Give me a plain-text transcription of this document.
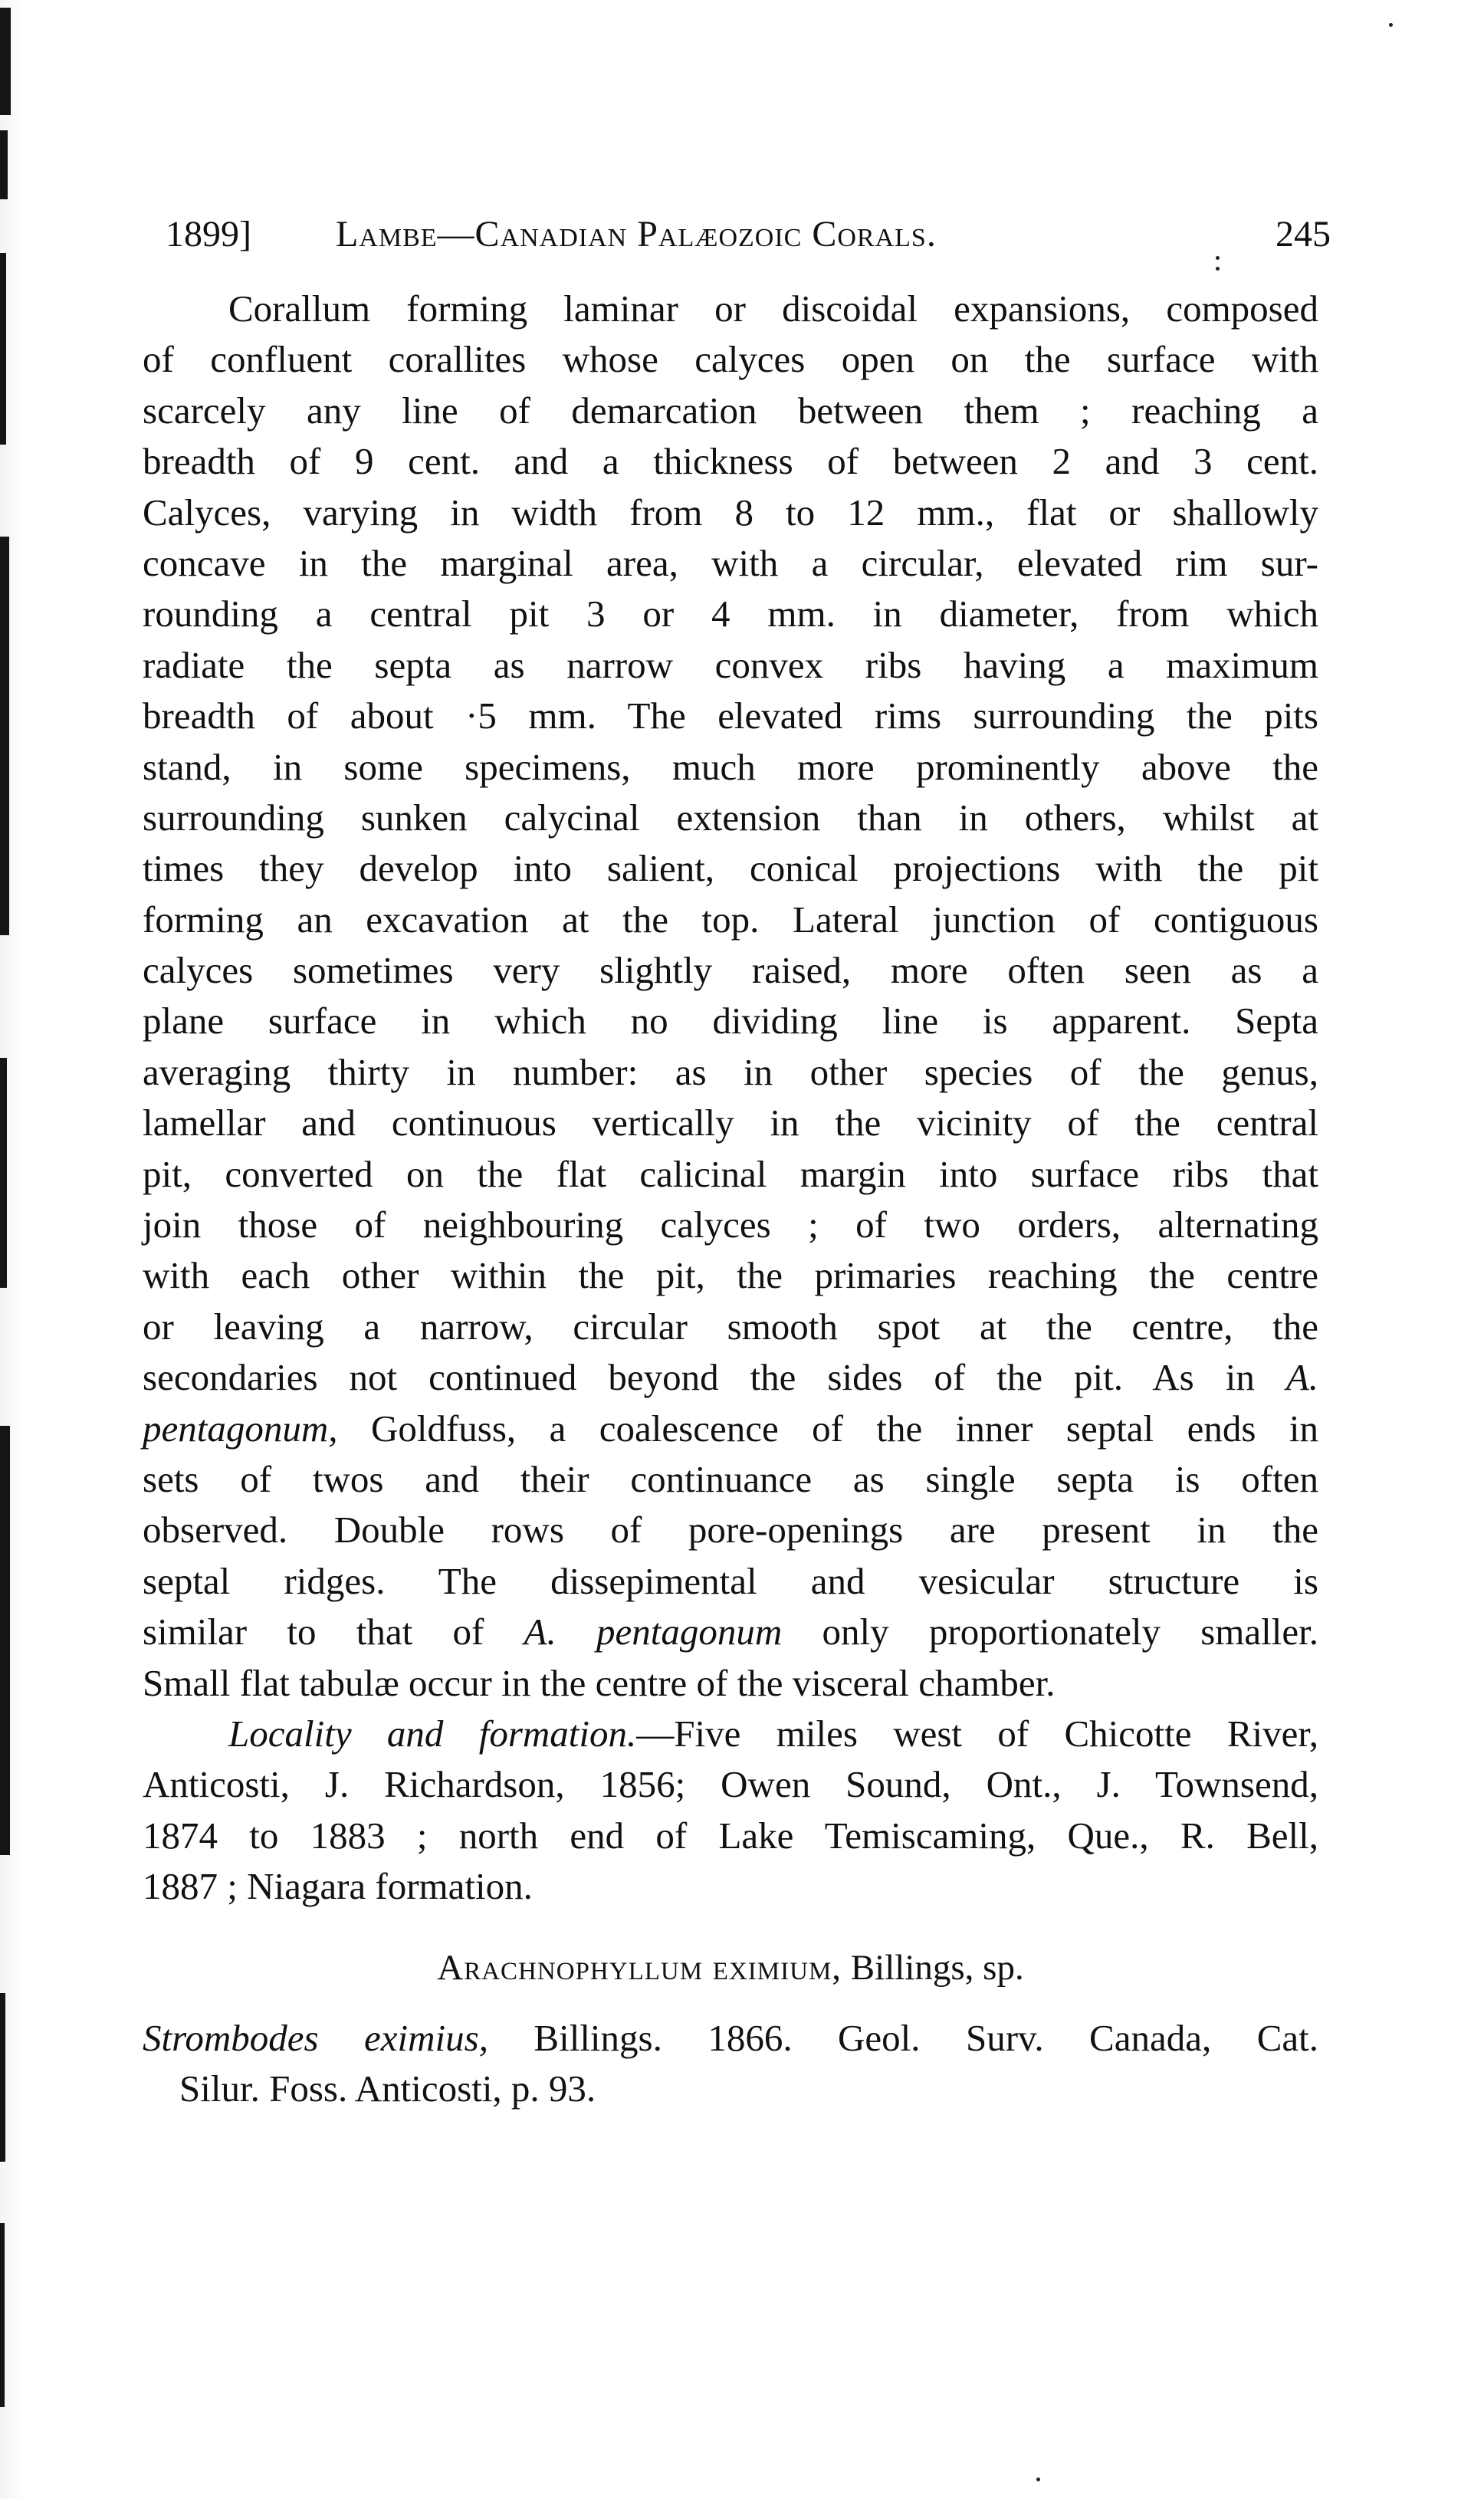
1899] Lambe—Canadian Palæozoic Corals.	245
Corallum forming laminar or discoidal expansions, composed
of confluent corallites whose calyces open on the surface with
scarcely any line of demarcation between them ; reaching a
breadth of 9 cent. and a thickness of between 2 and 3 cent.
Calyces, varying in width from 8 to 12 mm., flat or shallowly
concave in the marginal area, with a circular, elevated rim sur-
rounding a central pit 3 or 4 mm. in diameter, from which
radiate the septa as narrow convex ribs having a maximum
breadth of about ·5 mm. The elevated rims surrounding the pits
stand, in some specimens, much more prominently above the
surrounding sunken calycinal extension than in others, whilst at
times they develop into salient, conical projections with the pit
forming an excavation at the top. Lateral junction of contiguous
calyces sometimes very slightly raised, more often seen as a
plane surface in which no dividing line is apparent. Septa
averaging thirty in number: as in other species of the genus,
lamellar and continuous vertically in the vicinity of the central
pit, converted on the flat calicinal margin into surface ribs that
join those of neighbouring calyces ; of two orders, alternating
with each other within the pit, the primaries reaching the centre
or leaving a narrow, circular smooth spot at the centre, the
secondaries not continued beyond the sides of the pit. As in A.
pentagonum, Goldfuss, a coalescence of the inner septal ends in
sets of twos and their continuance as single septa is often
observed. Double rows of pore-openings are present in the
septal ridges. The dissepimental and vesicular structure is
similar to that of A. pentagonum only proportionately smaller.
Small flat tabulæ occur in the centre of the visceral chamber.
Locality and formation.—Five miles west of Chicotte River,
Anticosti, J. Richardson, 1856; Owen Sound, Ont., J. Townsend,
1874 to 1883 ; north end of Lake Temiscaming, Que., R. Bell,
1887 ; Niagara formation.
Arachnophyllum eximium, Billings, sp.
Strombodes eximius, Billings. 1866. Geol. Surv. Canada, Cat.
Silur. Foss. Anticosti, p. 93.
